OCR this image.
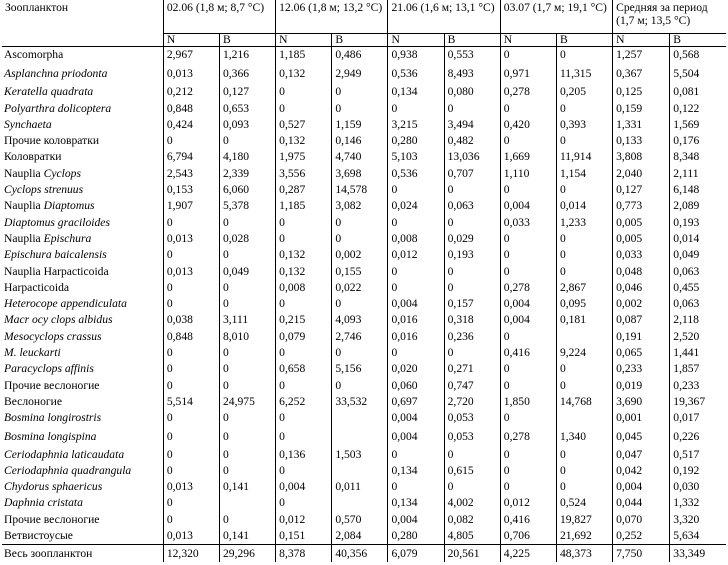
Зоопланктон	02.06 (1,8 м; 8,7 °С)		12.06 (1,8 м; 13,2 °С)		21.06 (1,6 м; 13,1 °С)		03.07 (1,7 м; 19,1 °С)		Средняя за период (1,7 м; 13,5 °С)	
	N	B	N	B	N	B	N	B	N	B
Ascomorpha	2,967	1,216	1,185	0,486	0,938	0,553	0	0	1,257	0,568
Asplanchna priodonta	0,013	0,366	0,132	2,949	0,536	8,493	0,971	11,315	0,367	5,504
Keratella quadrata	0,212	0,127	0	0	0,134	0,080	0,278	0,205	0,125	0,081
Polyarthra dolicoptera	0,848	0,653	0	0	0	0	0	0	0,159	0,122
Synchaeta	0,424	0,093	0,527	1,159	3,215	3,494	0,420	0,393	1,331	1,569
Прочие коловратки	0	0	0,132	0,146	0,280	0,482	0	0	0,133	0,176
Коловратки	6,794	4,180	1,975	4,740	5,103	13,036	1,669	11,914	3,808	8,348
Nauplia Cyclops	2,543	2,339	3,556	3,698	0,536	0,707	1,110	1,154	2,040	2,111
Cyclops strenuus	0,153	6,060	0,287	14,578	0	0	0	0	0,127	6,148
Nauplia Diaptomus	1,907	5,378	1,185	3,082	0,024	0,063	0,004	0,014	0,773	2,089
Diaptomus graciloides	0	0	0	0	0	0	0,033	1,233	0,005	0,193
Nauplia Epischura	0,013	0,028	0	0	0,008	0,029	0	0	0,005	0,014
Epischura baicalensis	0	0	0,132	0,002	0,012	0,193	0	0	0,033	0,049
Nauplia Harpacticoida	0,013	0,049	0,132	0,155	0	0	0	0	0,048	0,063
Harpacticoida	0	0	0,008	0,022	0	0	0,278	2,867	0,046	0,455
Heterocope appendiculata	0	0	0	0	0,004	0,157	0,004	0,095	0,002	0,063
Macr ocy clops albidus	0,038	3,111	0,215	4,093	0,016	0,318	0,004	0,181	0,087	2,118
Mesocyclops crassus	0,848	8,010	0,079	2,746	0,016	0,236	0		0,191	2,520
M. leuckarti	0	0	0	0	0	0	0,416	9,224	0,065	1,441
Paracyclops affinis	0	0	0,658	5,156	0,020	0,271	0	0	0,233	1,857
Прочие веслоногие	0	0	0	0	0,060	0,747	0	0	0,019	0,233
Веслоногие	5,514	24,975	6,252	33,532	0,697	2,720	1,850	14,768	3,690	19,367
Bosmina longirostris	0	0	0		0,004	0,053	0		0,001	0,017
Bosmina longispina	0	0	0		0,004	0,053	0,278	1,340	0,045	0,226
Ceriodaphnia laticaudata	0	0	0,136	1,503	0	0	0	0	0,047	0,517
Ceriodaphnia quadrangula	0	0	0		0,134	0,615	0	0	0,042	0,192
Chydorus sphaericus	0,013	0,141	0,004	0,011	0	0	0	0	0,004	0,030
Daphnia cristata	0		0		0,134	4,002	0,012	0,524	0,044	1,332
Прочие веслоногие	0	0	0,012	0,570	0,004	0,082	0,416	19,827	0,070	3,320
Ветвистоусые	0,013	0,141	0,151	2,084	0,280	4,805	0,706	21,692	0,252	5,634
Весь зоопланктон	12,320	29,296	8,378	40,356	6,079	20,561	4,225	48,373	7,750	33,349
